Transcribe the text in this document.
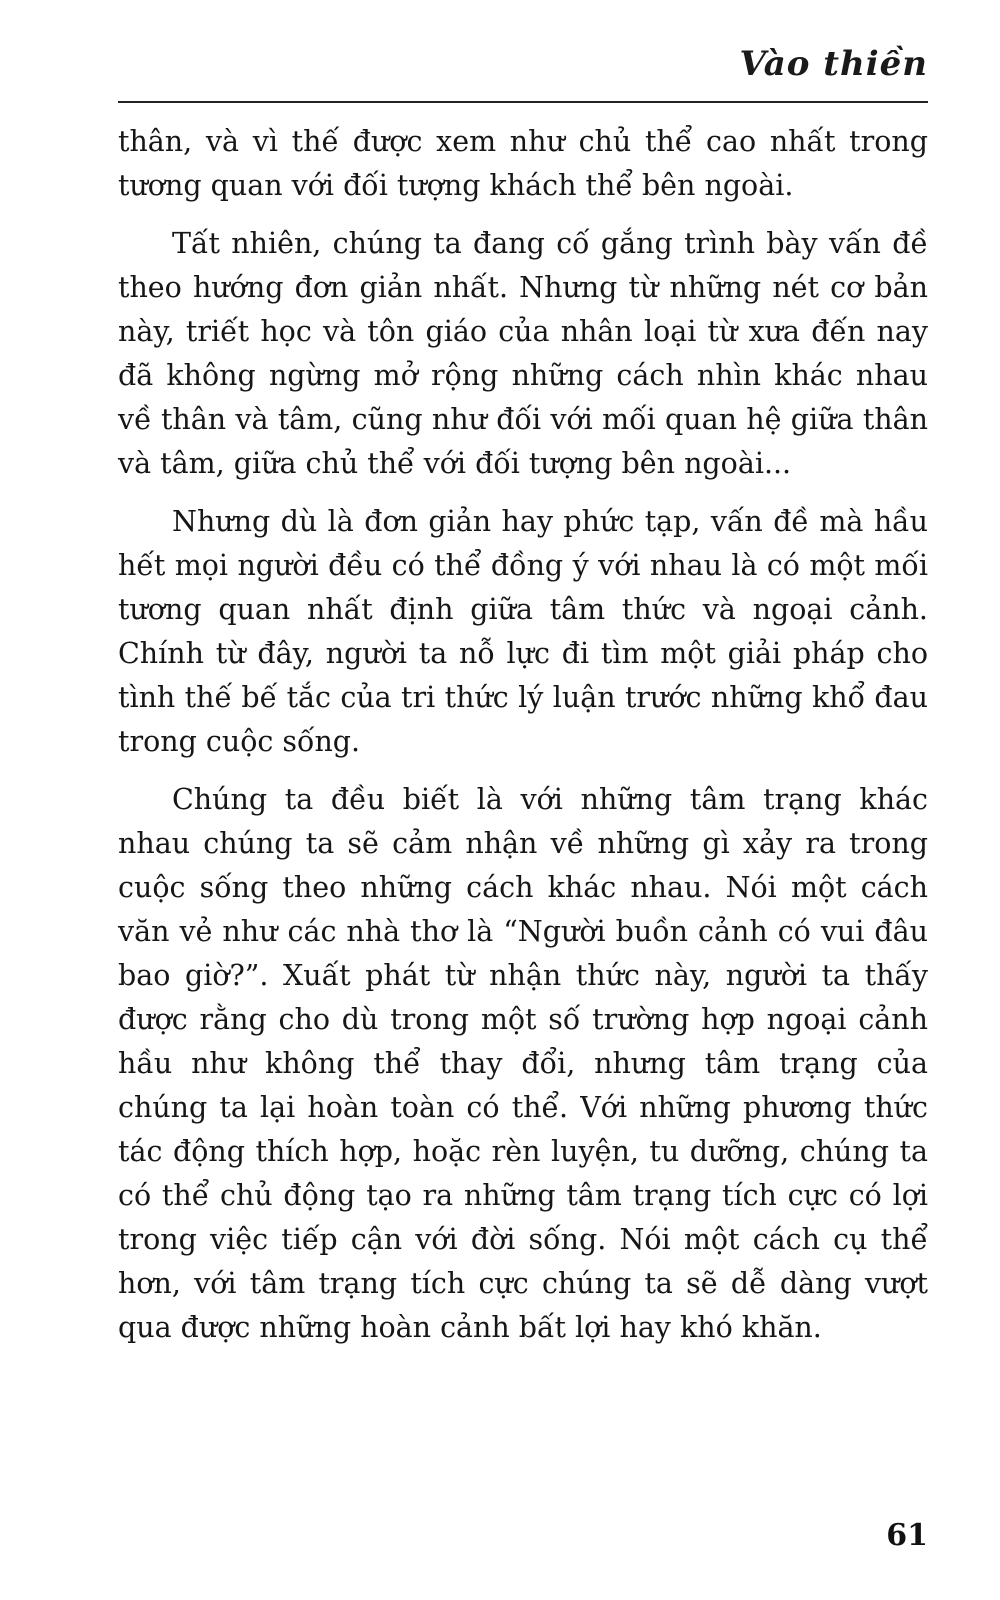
Vào thiền

thân, và vì thế được xem như chủ thể cao nhất trong tương quan với đối tượng khách thể bên ngoài.

Tất nhiên, chúng ta đang cố gắng trình bày vấn đề theo hướng đơn giản nhất. Nhưng từ những nét cơ bản này, triết học và tôn giáo của nhân loại từ xưa đến nay đã không ngừng mở rộng những cách nhìn khác nhau về thân và tâm, cũng như đối với mối quan hệ giữa thân và tâm, giữa chủ thể với đối tượng bên ngoài...

Nhưng dù là đơn giản hay phức tạp, vấn đề mà hầu hết mọi người đều có thể đồng ý với nhau là có một mối tương quan nhất định giữa tâm thức và ngoại cảnh. Chính từ đây, người ta nỗ lực đi tìm một giải pháp cho tình thế bế tắc của tri thức lý luận trước những khổ đau trong cuộc sống.

Chúng ta đều biết là với những tâm trạng khác nhau chúng ta sẽ cảm nhận về những gì xảy ra trong cuộc sống theo những cách khác nhau. Nói một cách văn vẻ như các nhà thơ là “Người buồn cảnh có vui đâu bao giờ?”. Xuất phát từ nhận thức này, người ta thấy được rằng cho dù trong một số trường hợp ngoại cảnh hầu như không thể thay đổi, nhưng tâm trạng của chúng ta lại hoàn toàn có thể. Với những phương thức tác động thích hợp, hoặc rèn luyện, tu dưỡng, chúng ta có thể chủ động tạo ra những tâm trạng tích cực có lợi trong việc tiếp cận với đời sống. Nói một cách cụ thể hơn, với tâm trạng tích cực chúng ta sẽ dễ dàng vượt qua được những hoàn cảnh bất lợi hay khó khăn.

61
